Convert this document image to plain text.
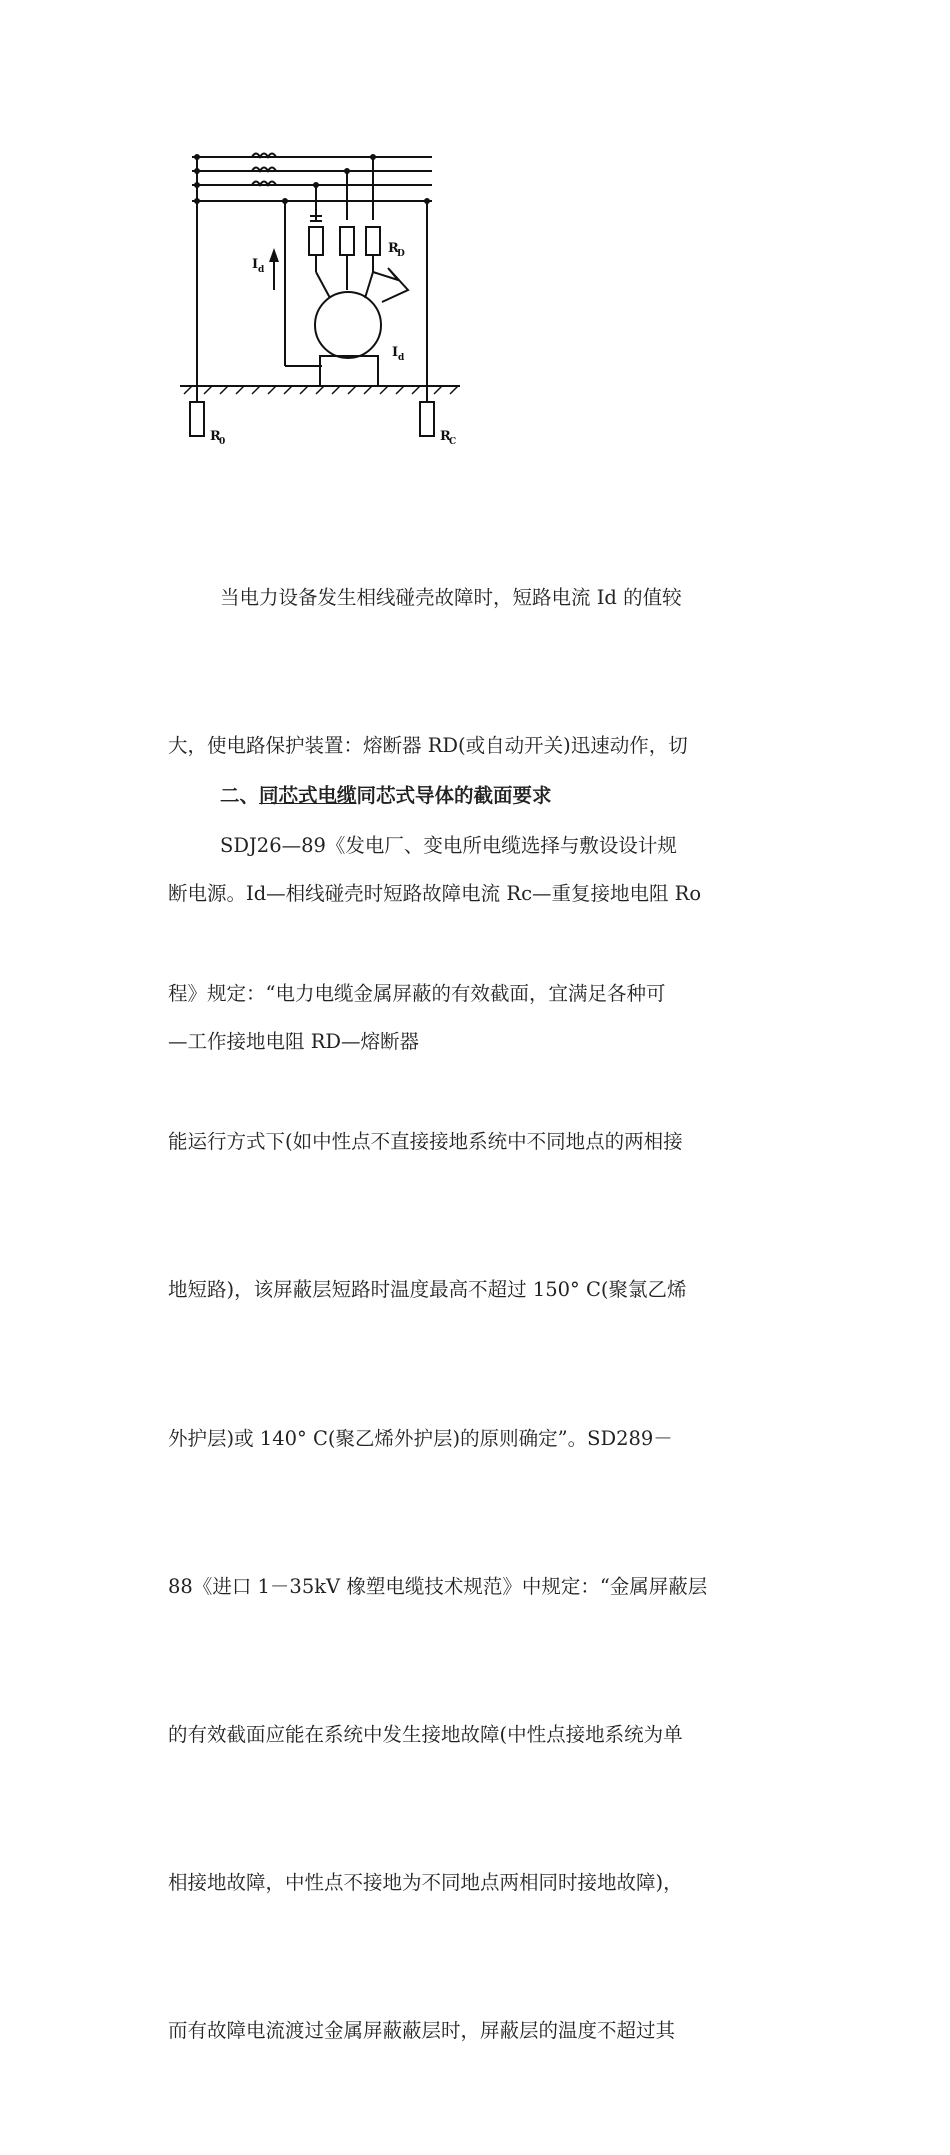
I d
I d
R
D
R
0	R
C

当电力设备发生相线碰壳故障时，短路电流 Id 的值较

大，使电路保护装置：熔断器 RD(或自动开关)迅速动作，切

断电源。Id—相线碰壳时短路故障电流 Rc—重复接地电阻 Ro

—工作接地电阻 RD—熔断器

二、同芯式电缆同芯式导体的截面要求

SDJ26—89《发电厂、变电所电缆选择与敷设设计规

程》规定：“电力电缆金属屏蔽的有效截面，宜满足各种可

能运行方式下(如中性点不直接接地系统中不同地点的两相接

地短路)，该屏蔽层短路时温度最高不超过 150° C(聚氯乙烯

外护层)或 140° C(聚乙烯外护层)的原则确定”。SD289－

88《进口 1－35kV 橡塑电缆技术规范》中规定：“金属屏蔽层

的有效截面应能在系统中发生接地故障(中性点接地系统为单

相接地故障，中性点不接地为不同地点两相同时接地故障)，

而有故障电流渡过金属屏蔽蔽层时，屏蔽层的温度不超过其
